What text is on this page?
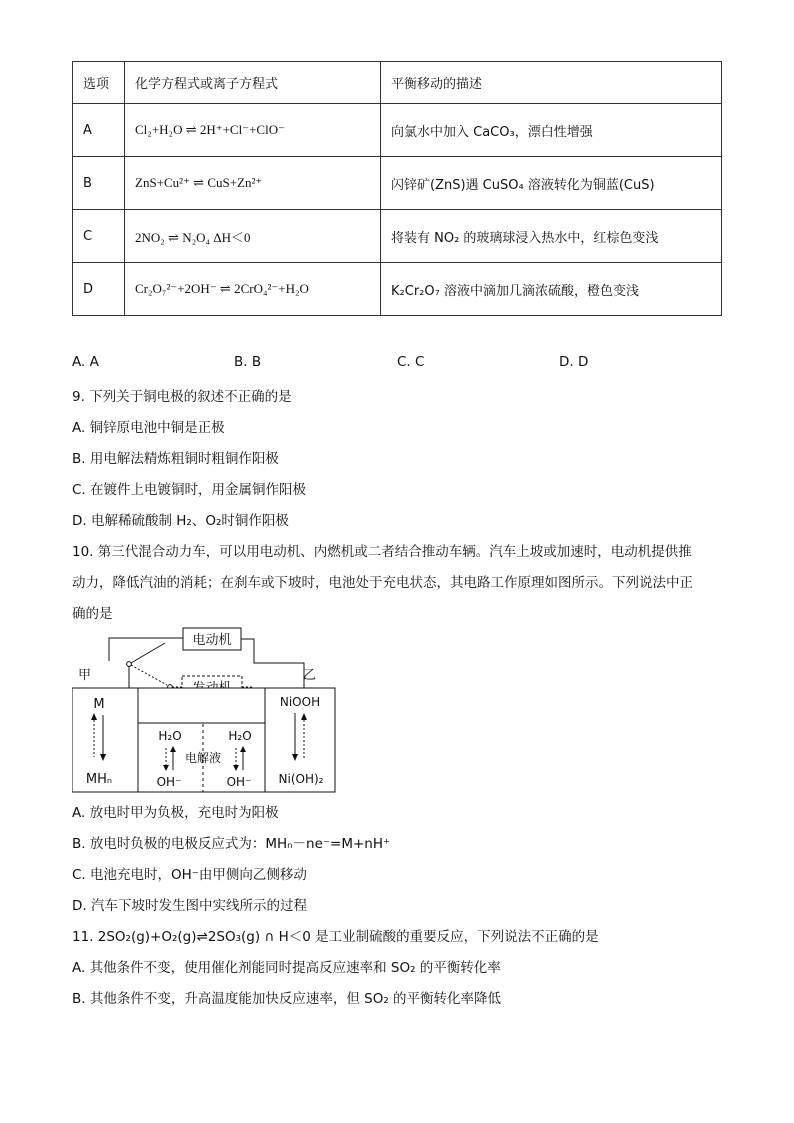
选项	化学方程式或离子方程式	平衡移动的描述
A	Cl₂+H₂O ⇌ 2H⁺+Cl⁻+ClO⁻	向氯水中加入 CaCO₃，漂白性增强
B	ZnS+Cu²⁺ ⇌ CuS+Zn²⁺	闪锌矿(ZnS)遇 CuSO₄ 溶液转化为铜蓝(CuS)
C	2NO₂ ⇌ N₂O₄ ΔH＜0	将装有 NO₂ 的玻璃球浸入热水中，红棕色变浅
D	Cr₂O₇²⁻+2OH⁻ ⇌ 2CrO₄²⁻+H₂O	K₂Cr₂O₇ 溶液中滴加几滴浓硫酸，橙色变浅
A. A	B. B	C. C	D. D
9. 下列关于铜电极的叙述不正确的是
A. 铜锌原电池中铜是正极
B. 用电解法精炼粗铜时粗铜作阳极
C. 在镀件上电镀铜时，用金属铜作阳极
D. 电解稀硫酸制 H₂、O₂时铜作阳极
10. 第三代混合动力车，可以用电动机、内燃机或二者结合推动车辆。汽车上坡或加速时，电动机提供推
动力，降低汽油的消耗；在刹车或下坡时，电池处于充电状态，其电路工作原理如图所示。下列说法中正
确的是
电动机
甲	乙
M
MHₙ
H₂O
OH⁻
电解液
H₂O
OH⁻
NiOOH
Ni(OH)₂
A. 放电时甲为负极，充电时为阳极
B. 放电时负极的电极反应式为：MHₙ－ne⁻=M+nH⁺
C. 电池充电时，OH⁻由甲侧向乙侧移动
D. 汽车下坡时发生图中实线所示的过程
11. 2SO₂(g)+O₂(g)⇌2SO₃(g) ∩ H＜0 是工业制硫酸的重要反应，下列说法不正确的是
A. 其他条件不变，使用催化剂能同时提高反应速率和 SO₂ 的平衡转化率
B. 其他条件不变，升高温度能加快反应速率，但 SO₂ 的平衡转化率降低
